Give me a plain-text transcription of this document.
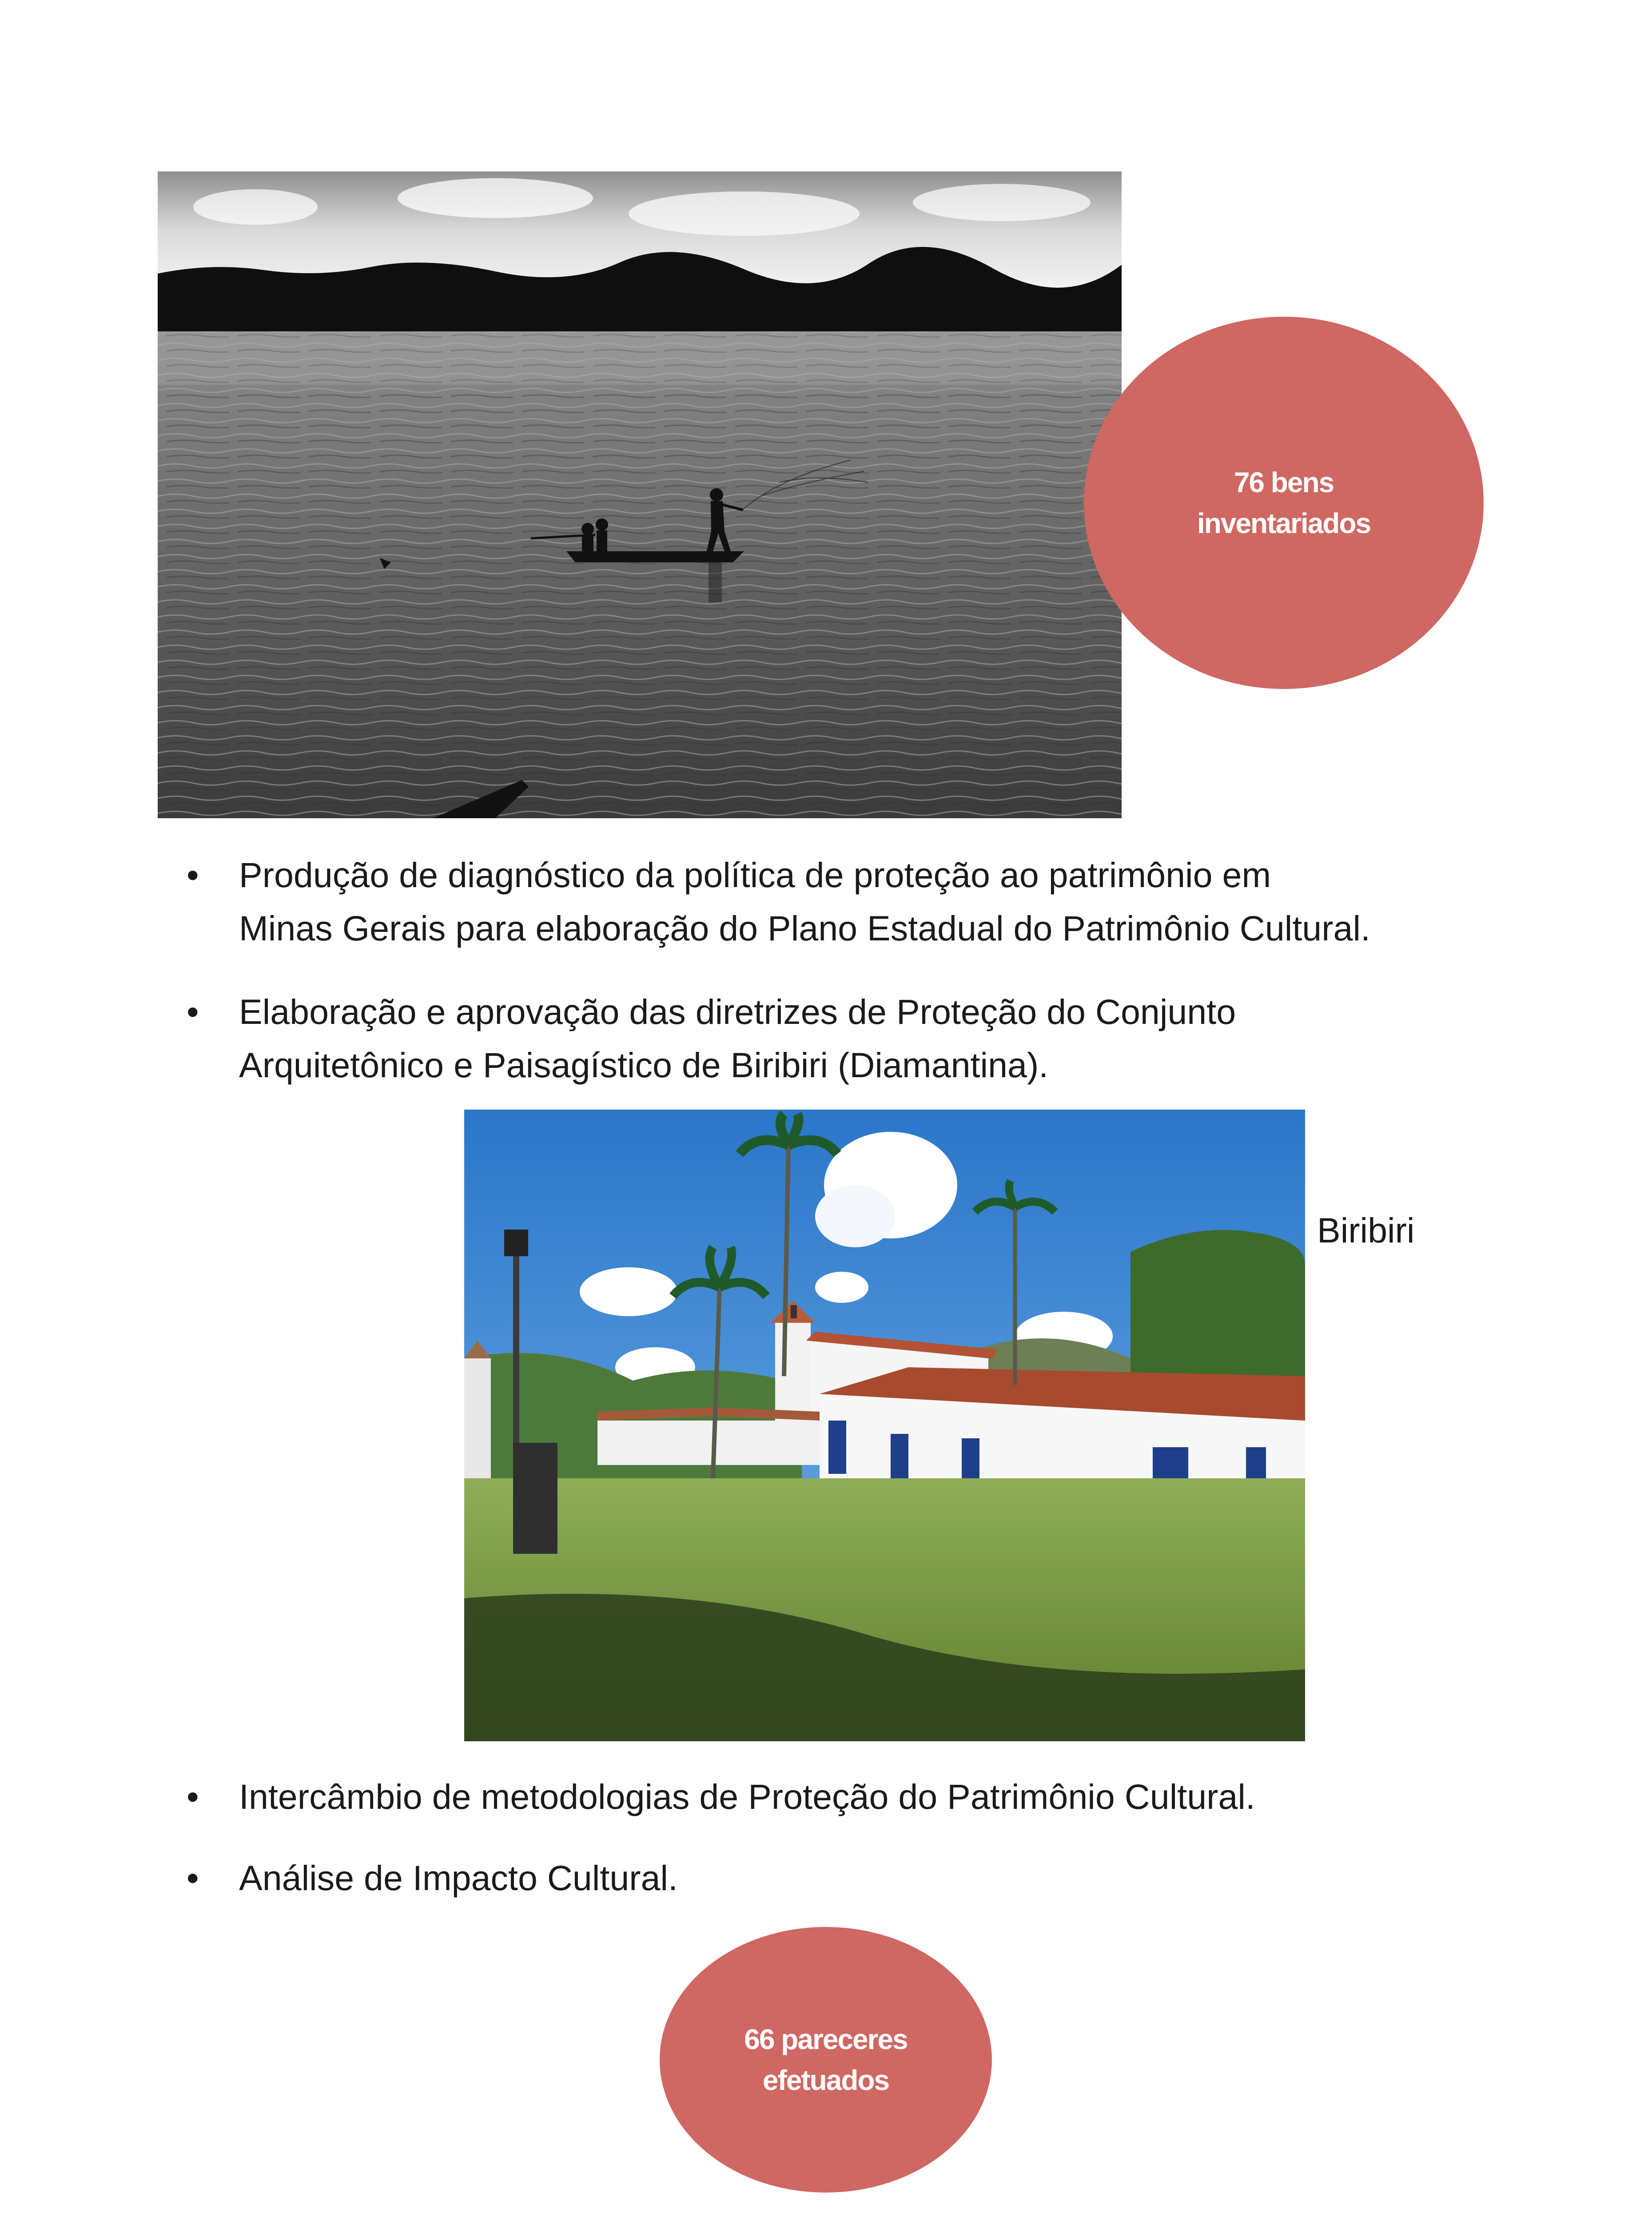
76 bens
inventariados
•	Produção de diagnóstico da política de proteção ao patrimônio em
Minas Gerais para elaboração do Plano Estadual do Patrimônio Cultural.
•	Elaboração e aprovação das diretrizes de Proteção do Conjunto
Arquitetônico e Paisagístico de Biribiri (Diamantina).
Biribiri
•	Intercâmbio de metodologias de Proteção do Patrimônio Cultural.
•	Análise de Impacto Cultural.
66 pareceres
efetuados
